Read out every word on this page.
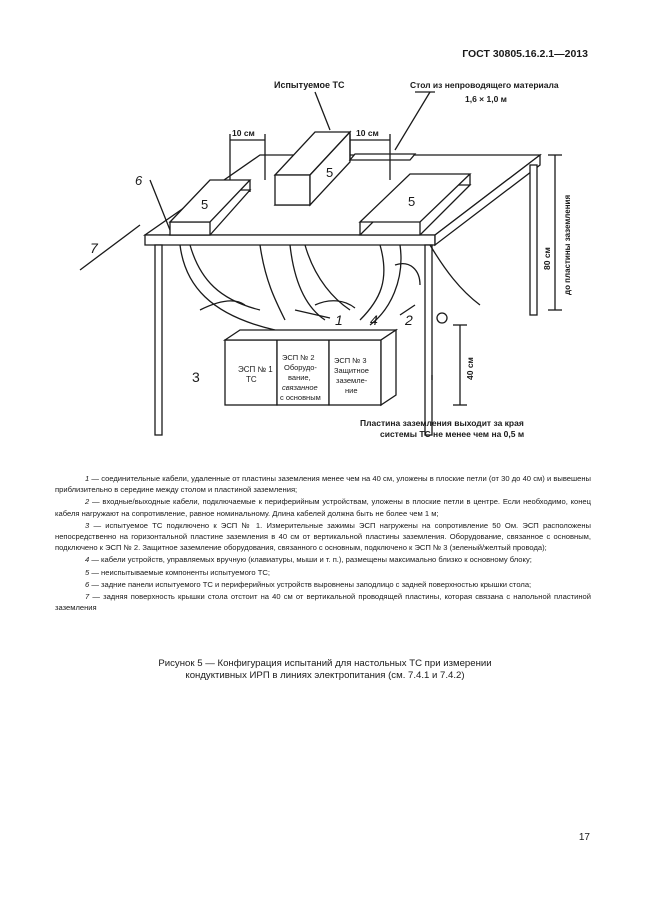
ГОСТ 30805.16.2.1—2013
Испытуемое ТС	Стол из непроводящего материала
1,6 × 1,0 м
10 см	10 см
80 см до пластины заземления
40 см
Пластина заземления выходит за края
системы ТС не менее чем на 0,5 м
ЭСП № 1
ТС
ЭСП № 2
Оборудо-
вание,
связанное
с основным
ЭСП № 3
Защитное
заземле-
ние
3
1 4 2
5
5
5
6
7

1 — соединительные кабели, удаленные от пластины заземления менее чем на 40 см, уложены в плоские петли (от 30 до 40 см) и вывешены приблизительно в середине между столом и пластиной заземления;

2 — входные/выходные кабели, подключаемые к периферийным устройствам, уложены в плоские петли в центре. Если необходимо, конец кабеля нагружают на сопротивление, равное номинальному. Длина кабелей должна быть не более чем 1 м;

3 — испытуемое ТС подключено к ЭСП № 1. Измерительные зажимы ЭСП нагружены на сопротивление 50 Ом. ЭСП расположены непосредственно на горизонтальной пластине заземления в 40 см от вертикальной пластины заземления. Оборудование, связанное с основным, подключено к ЭСП № 2. Защитное заземление оборудования, связанного с основным, подключено к ЭСП № 3 (зеленый/желтый провода);

4 — кабели устройств, управляемых вручную (клавиатуры, мыши и т. п.), размещены максимально близко к основному блоку;

5 — неиспытываемые компоненты испытуемого ТС;

6 — задние панели испытуемого ТС и периферийных устройств выровнены заподлицо с задней поверхностью крышки стола;

7 — задняя поверхность крышки стола отстоит на 40 см от вертикальной проводящей пластины, которая связана с напольной пластиной заземления

Рисунок 5 — Конфигурация испытаний для настольных ТС при измерении
кондуктивных ИРП в линиях электропитания (см. 7.4.1 и 7.4.2)
17
